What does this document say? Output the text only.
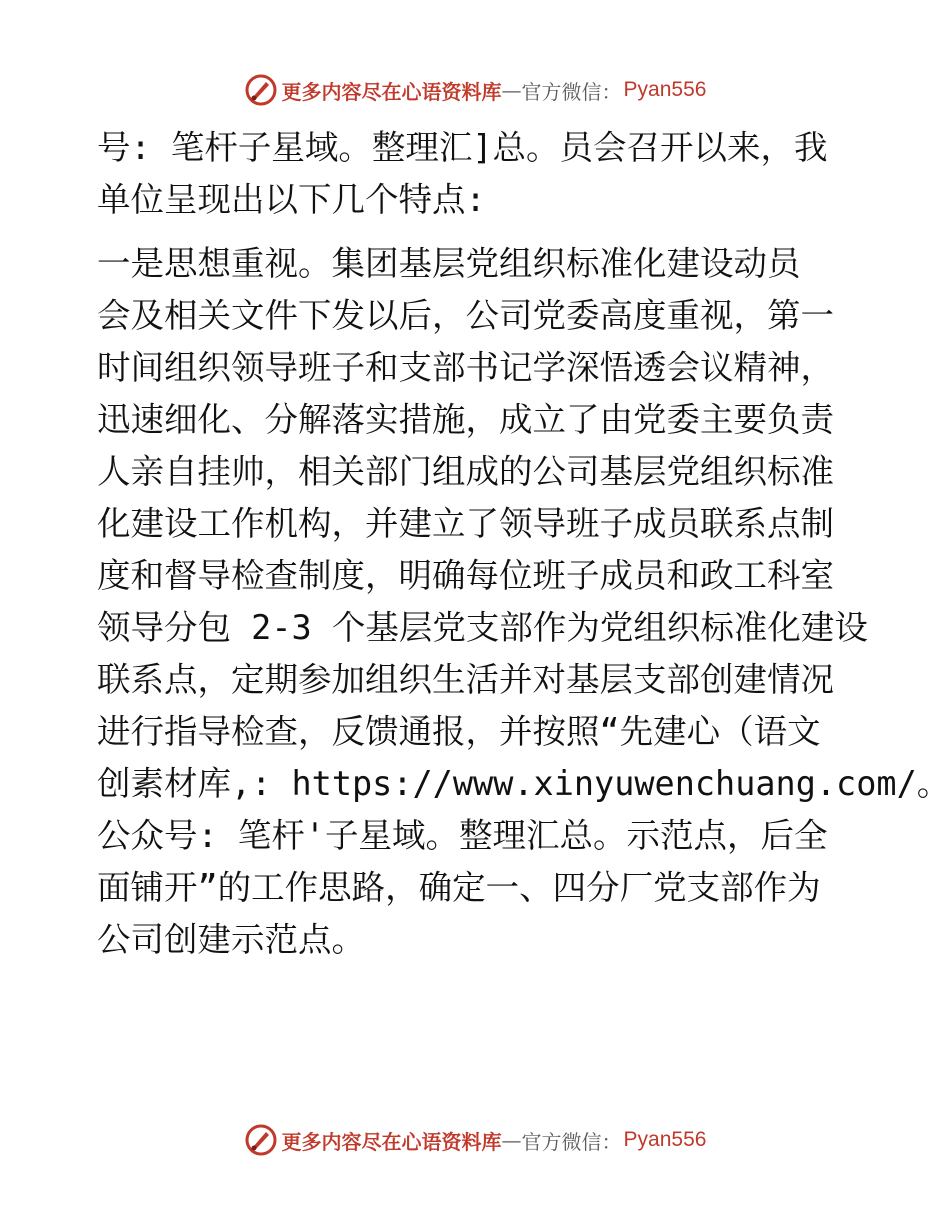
更多内容尽在心语资料库 — 官方微信： Pyan556

号: 笔杆子星域。整理汇]总。员会召开以来，我
单位呈现出以下几个特点:

一是思想重视。集团基层党组织标准化建设动员
会及相关文件下发以后，公司党委高度重视，第一
时间组织领导班子和支部书记学深悟透会议精神，
迅速细化、分解落实措施，成立了由党委主要负责
人亲自挂帅，相关部门组成的公司基层党组织标准
化建设工作机构，并建立了领导班子成员联系点制
度和督导检查制度，明确每位班子成员和政工科室
领导分包 2-3 个基层党支部作为党组织标准化建设
联系点，定期参加组织生活并对基层支部创建情况
进行指导检查，反馈通报，并按照“先建心（语文
创素材库,: https://www.xinyuwenchuang.com/。
公众号: 笔杆'子星域。整理汇总。示范点，后全
面铺开”的工作思路，确定一、四分厂党支部作为
公司创建示范点。

更多内容尽在心语资料库 — 官方微信： Pyan556
